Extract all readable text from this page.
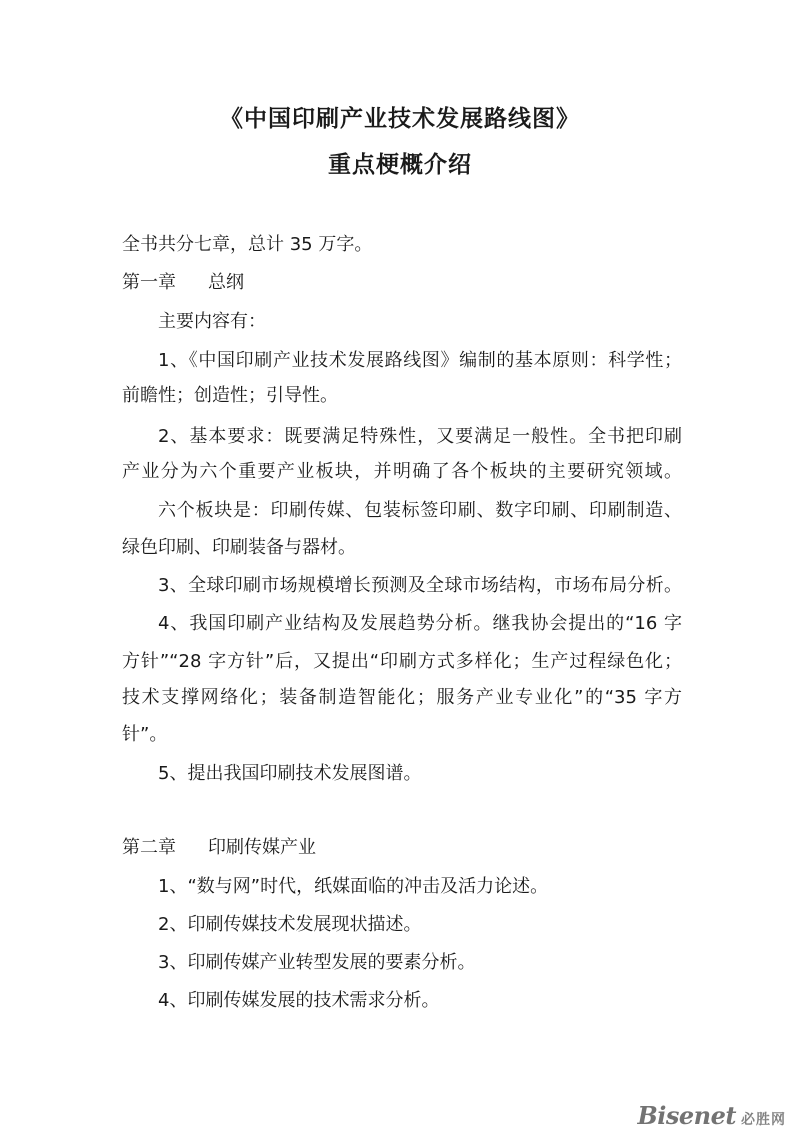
《中国印刷产业技术发展路线图》
重点梗概介绍

全书共分七章，总计 35 万字。

第一章 总纲

主要内容有：

1、《中国印刷产业技术发展路线图》编制的基本原则：科学性；

前瞻性；创造性；引导性。

2、基本要求：既要满足特殊性，又要满足一般性。全书把印刷

产业分为六个重要产业板块，并明确了各个板块的主要研究领域。

六个板块是：印刷传媒、包装标签印刷、数字印刷、印刷制造、

绿色印刷、印刷装备与器材。

3、全球印刷市场规模增长预测及全球市场结构，市场布局分析。

4、我国印刷产业结构及发展趋势分析。继我协会提出的“16 字

方针”“28 字方针”后，又提出“印刷方式多样化；生产过程绿色化；

技术支撑网络化；装备制造智能化；服务产业专业化”的“35 字方

针”。

5、提出我国印刷技术发展图谱。

第二章 印刷传媒产业

1、“数与网”时代，纸媒面临的冲击及活力论述。

2、印刷传媒技术发展现状描述。

3、印刷传媒产业转型发展的要素分析。

4、印刷传媒发展的技术需求分析。

Bisenet 必胜网
